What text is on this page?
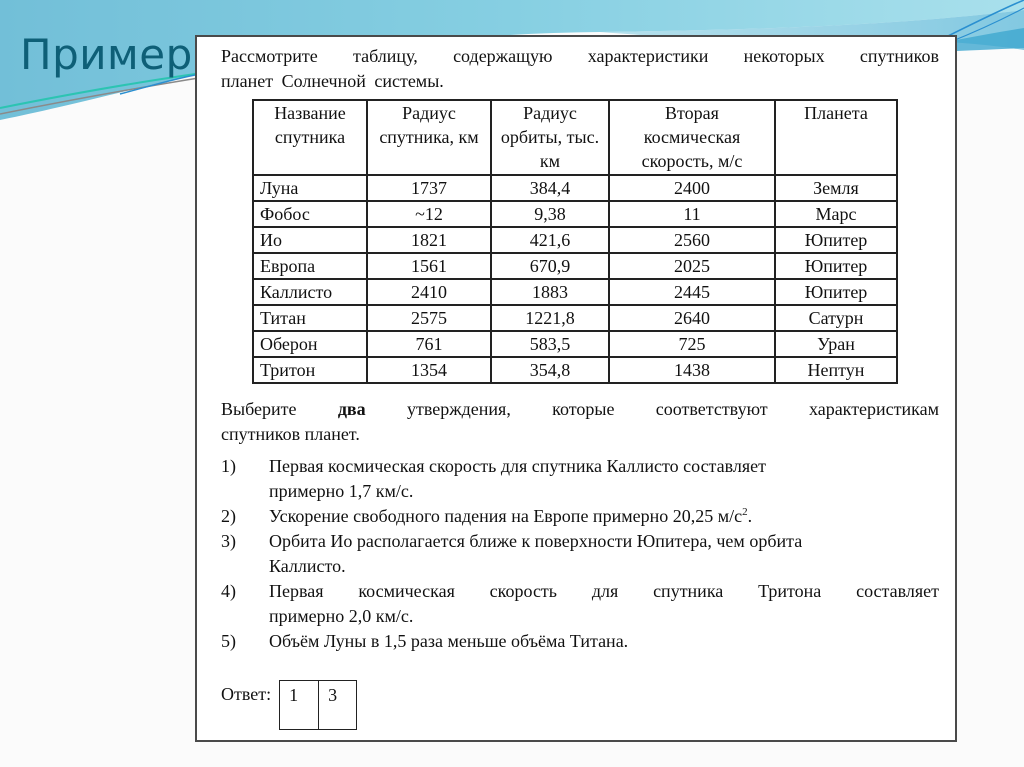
Пример Рассмотрите таблицу, содержащую характеристики некоторых спутников
планет Солнечной системы.

Название спутника	Радиус спутника, км	Радиус орбиты, тыс. км	Вторая космическая скорость, м/с	Планета
Луна	1737	384,4	2400	Земля
Фобос	~12	9,38	11	Марс
Ио	1821	421,6	2560	Юпитер
Европа	1561	670,9	2025	Юпитер
Каллисто	2410	1883	2445	Юпитер
Титан	2575	1221,8	2640	Сатурн
Оберон	761	583,5	725	Уран
Тритон	1354	354,8	1438	Нептун

Выберите два утверждения, которые соответствуют характеристикам
спутников планет.

1)	Первая космическая скорость для спутника Каллисто составляет
примерно 1,7 км/с.
2)	Ускорение свободного падения на Европе примерно 20,25 $м/с^2$.
3)	Орбита Ио располагается ближе к поверхности Юпитера, чем орбита
Каллисто.
4)	Первая космическая скорость для спутника Тритона составляет
примерно 2,0 км/с.
5)	Объём Луны в 1,5 раза меньше объёма Титана.
Ответ:	1	3
